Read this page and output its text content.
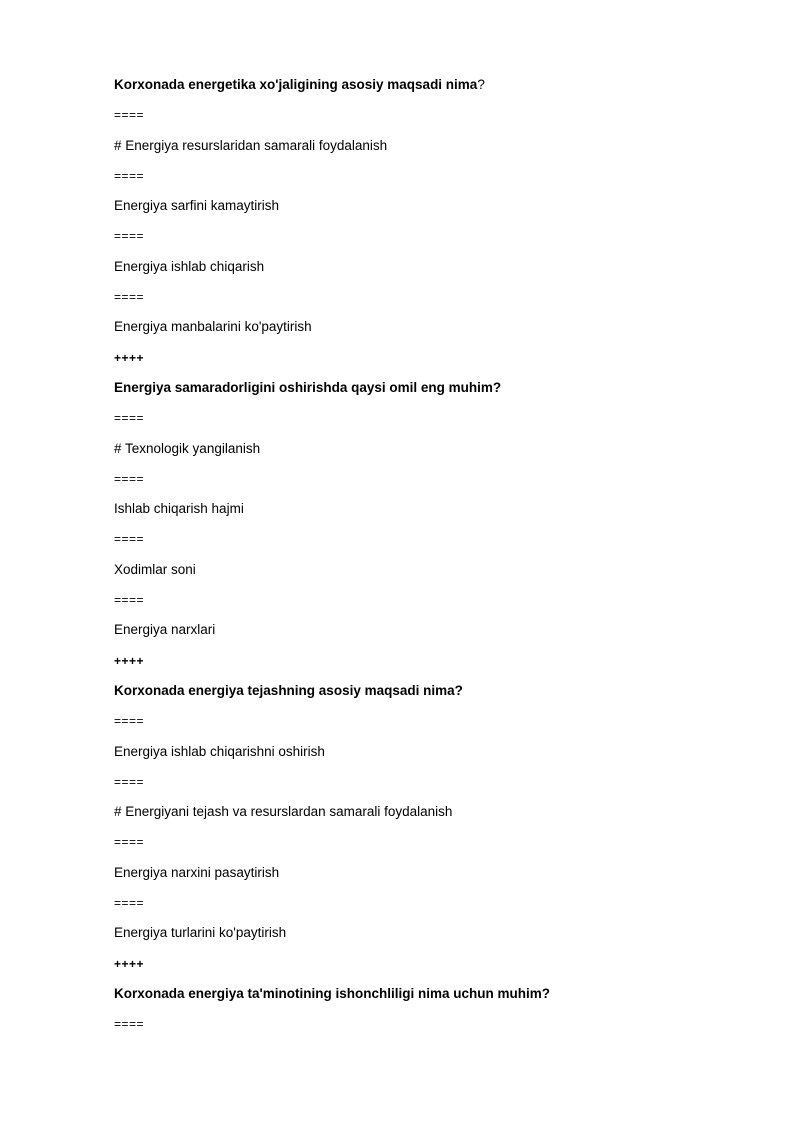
Korxonada energetika xo'jaligining asosiy maqsadi nima?
====
# Energiya resurslaridan samarali foydalanish
====
Energiya sarfini kamaytirish
====
Energiya ishlab chiqarish
====
Energiya manbalarini ko'paytirish
++++
Energiya samaradorligini oshirishda qaysi omil eng muhim?
====
# Texnologik yangilanish
====
Ishlab chiqarish hajmi
====
Xodimlar soni
====
Energiya narxlari
++++
Korxonada energiya tejashning asosiy maqsadi nima?
====
Energiya ishlab chiqarishni oshirish
====
# Energiyani tejash va resurslardan samarali foydalanish
====
Energiya narxini pasaytirish
====
Energiya turlarini ko'paytirish
++++
Korxonada energiya ta'minotining ishonchliligi nima uchun muhim?
====
